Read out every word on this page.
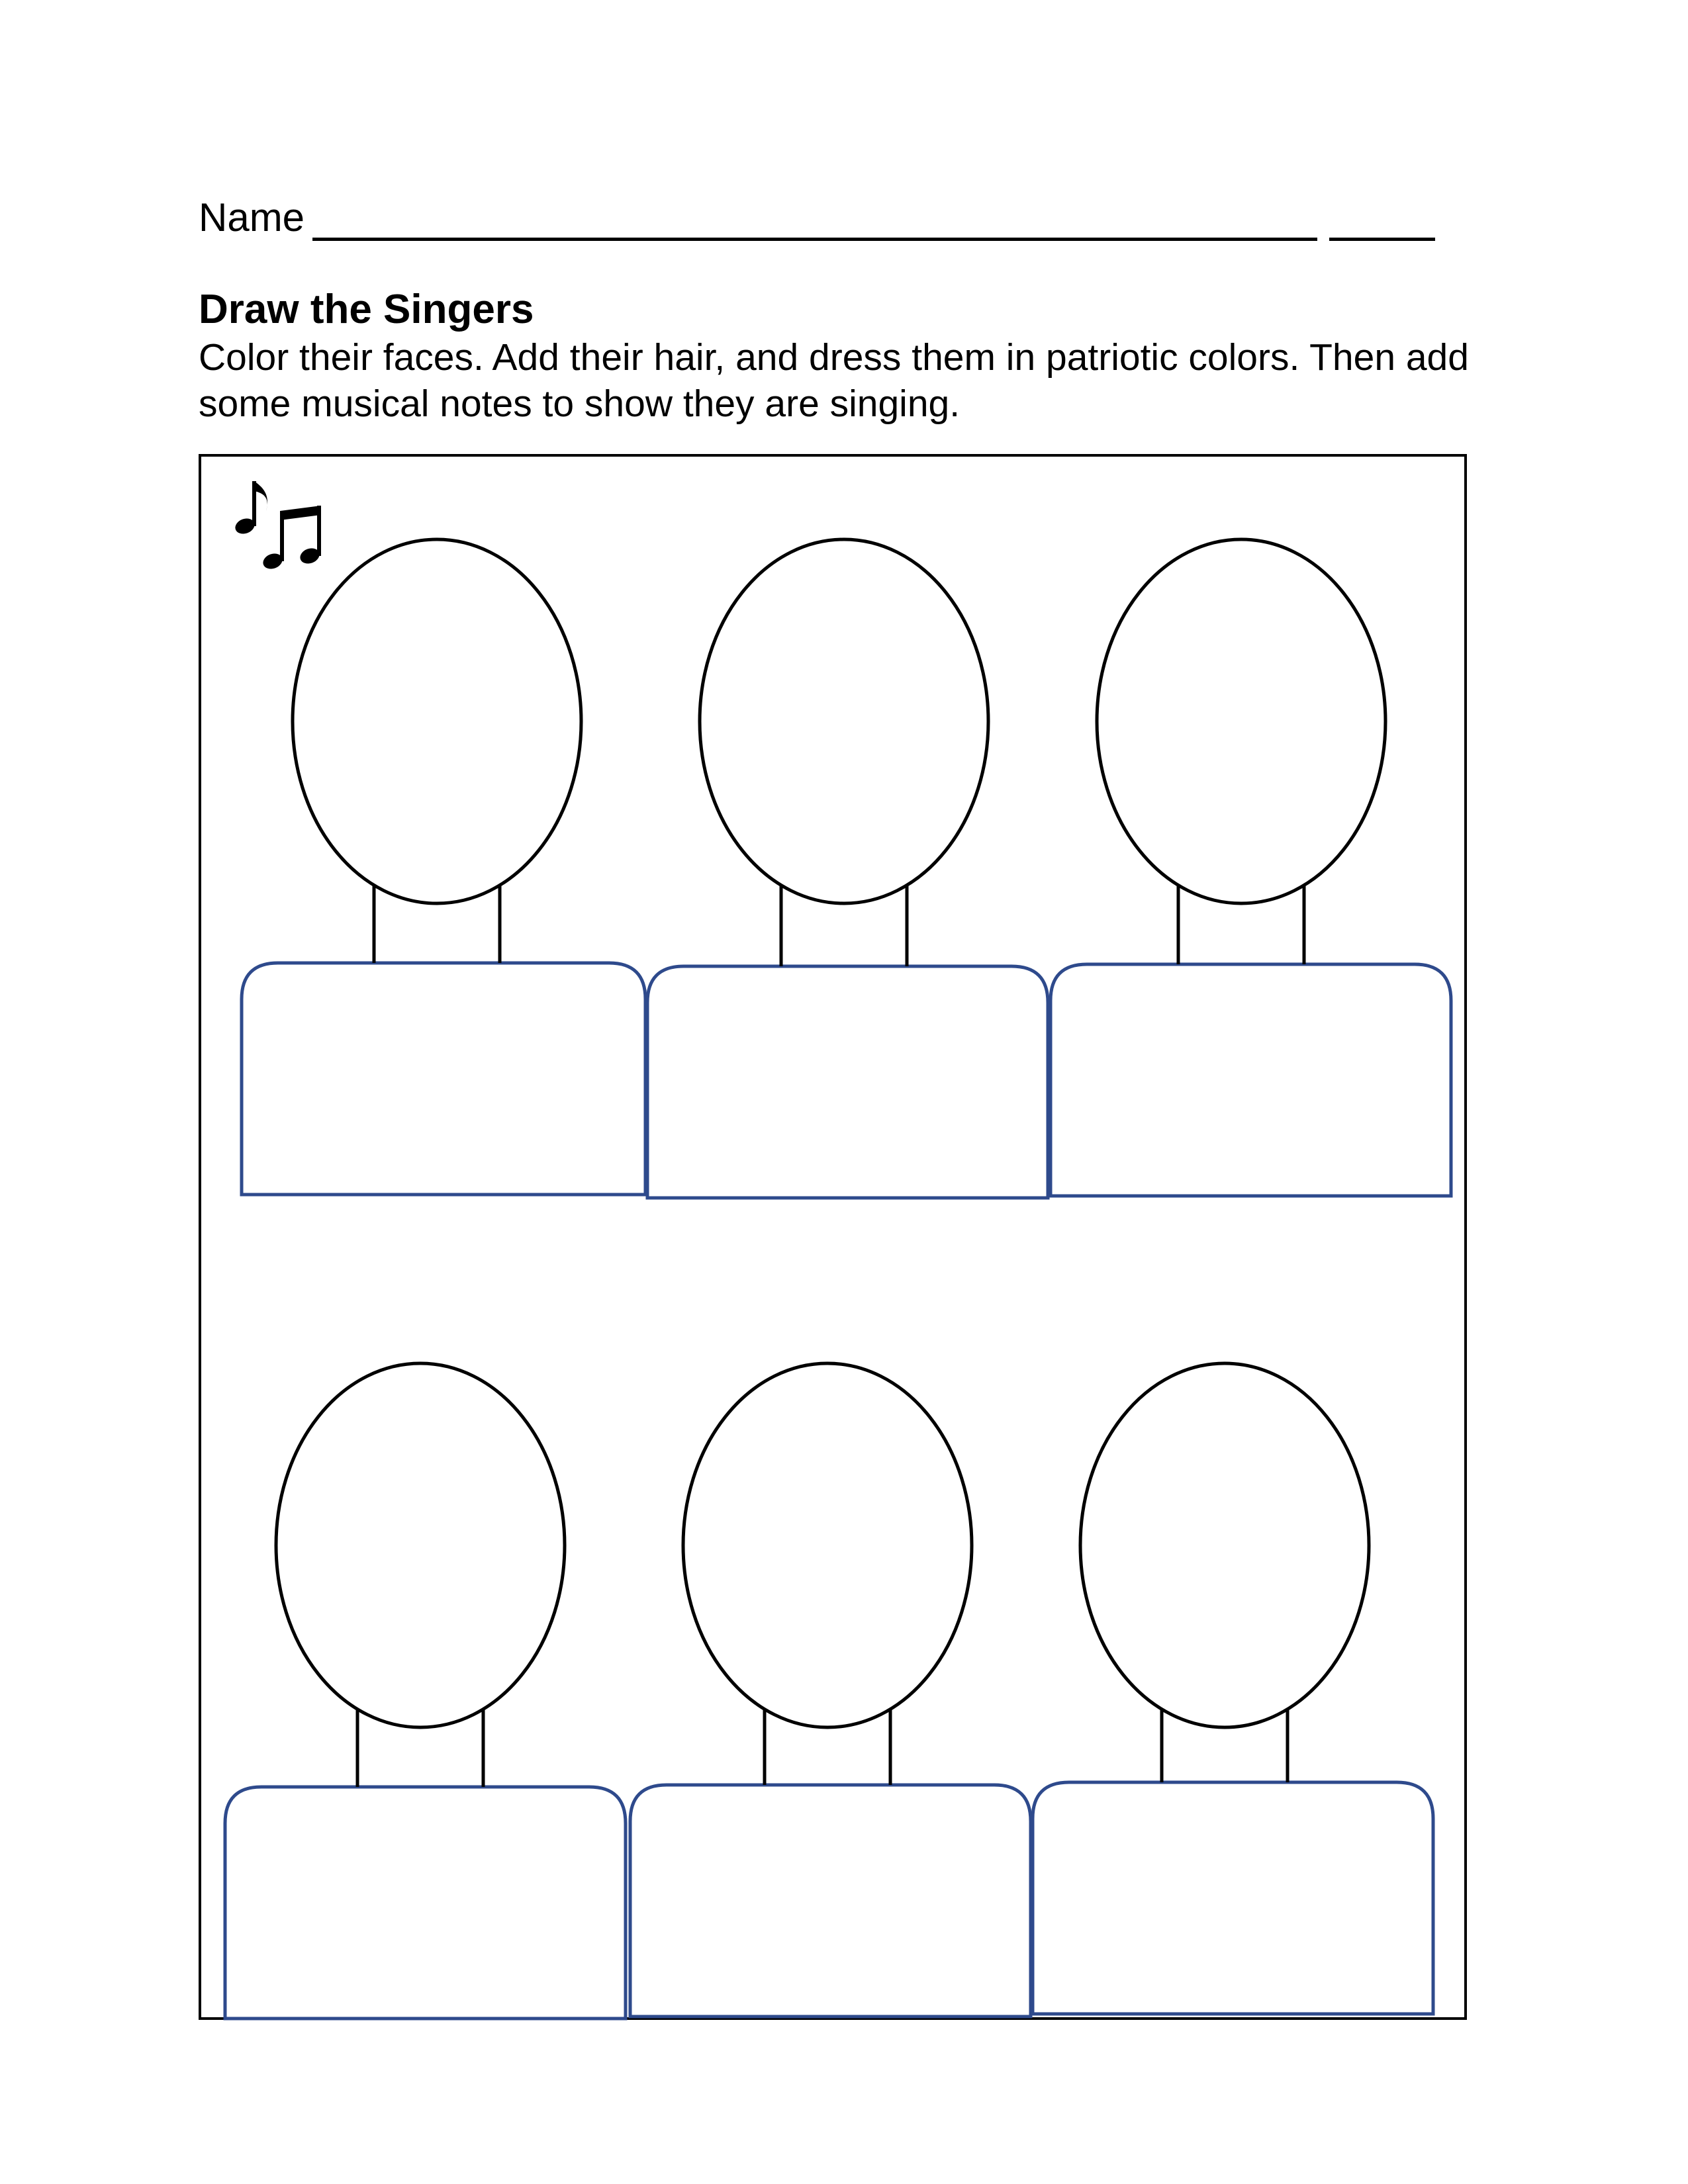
Name
Draw the Singers

Color their faces. Add their hair, and dress them in patriotic colors. Then add some musical notes to show they are singing.
